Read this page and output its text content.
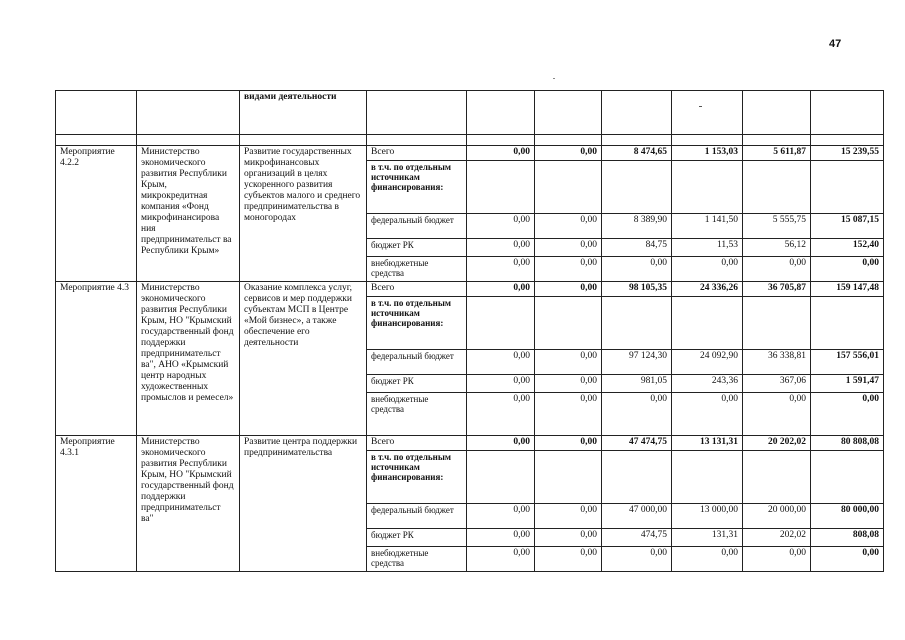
47
		видами деятельности							

Мероприятие 4.2.2	Министерство экономического развития Республики Крым, микрокредитная компания «Фонд микрофинансирова ния предпринимательст ва Республики Крым»	Развитие государственных микрофинансовых организаций в целях ускоренного развития субъектов малого и среднего предпринимательства в моногородах	Всего	0,00	0,00	8 474,65	1 153,03	5 611,87	15 239,55
			в т.ч. по отдельным источникам финансирования:						
			федеральный бюджет	0,00	0,00	8 389,90	1 141,50	5 555,75	15 087,15
			бюджет РК	0,00	0,00	84,75	11,53	56,12	152,40
			внебюджетные средства	0,00	0,00	0,00	0,00	0,00	0,00
Мероприятие 4.3	Министерство экономического развития Республики Крым, НО "Крымский государственный фонд поддержки предпринимательст ва", АНО «Крымский центр народных художественных промыслов и ремесел»	Оказание комплекса услуг, сервисов и мер поддержки субъектам МСП в Центре «Мой бизнес», а также обеспечение его деятельности	Всего	0,00	0,00	98 105,35	24 336,26	36 705,87	159 147,48
			в т.ч. по отдельным источникам финансирования:						
			федеральный бюджет	0,00	0,00	97 124,30	24 092,90	36 338,81	157 556,01
			бюджет РК	0,00	0,00	981,05	243,36	367,06	1 591,47
			внебюджетные средства	0,00	0,00	0,00	0,00	0,00	0,00
Мероприятие 4.3.1	Министерство экономического развития Республики Крым, НО "Крымский государственный фонд поддержки предпринимательст ва"	Развитие центра поддержки предпринимательства	Всего	0,00	0,00	47 474,75	13 131,31	20 202,02	80 808,08
			в т.ч. по отдельным источникам финансирования:						
			федеральный бюджет	0,00	0,00	47 000,00	13 000,00	20 000,00	80 000,00
			бюджет РК	0,00	0,00	474,75	131,31	202,02	808,08
			внебюджетные средства	0,00	0,00	0,00	0,00	0,00	0,00
